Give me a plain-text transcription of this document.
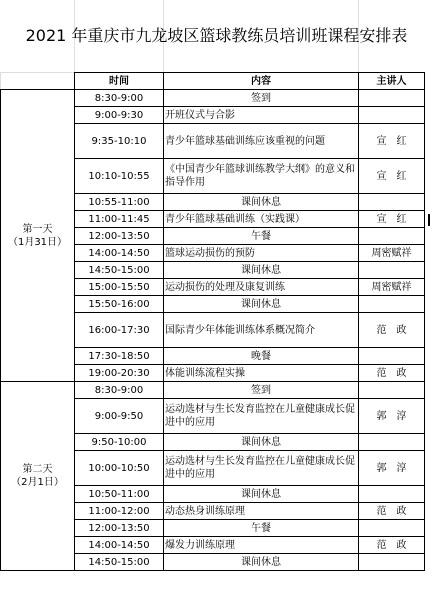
2021 年重庆市九龙坡区篮球教练员培训班课程安排表
	时间	内容	主讲人

第一天
（1月31日）	8:30-9:00	签到	
	9:00-9:30	开班仪式与合影	
	9:35-10:10	青少年篮球基础训练应该重视的问题	宣　红
	10:10-10:55	《中国青少年篮球训练教学大纲》的意义和指导作用	宣　红
	10:55-11:00	课间休息	
	11:00-11:45	青少年篮球基础训练（实践课）	宣　红
	12:00-13:50	午餐	
	14:00-14:50	篮球运动损伤的预防	周密赋祥
	14:50-15:00	课间休息	
	15:00-15:50	运动损伤的处理及康复训练	周密赋祥
	15:50-16:00	课间休息	
	16:00-17:30	国际青少年体能训练体系概况简介	范　政
	17:30-18:50	晚餐	
	19:00-20:30	体能训练流程实操	范　政

第二天
（2月1日）	8:30-9:00	签到	
	9:00-9:50	运动选材与生长发育监控在儿童健康成长促进中的应用	郭　淳
	9:50-10:00	课间休息	
	10:00-10:50	运动选材与生长发育监控在儿童健康成长促进中的应用	郭　淳
	10:50-11:00	课间休息	
	11:00-12:00	动态热身训练原理	范　政
	12:00-13:50	午餐	
	14:00-14:50	爆发力训练原理	范　政
	14:50-15:00	课间休息	
